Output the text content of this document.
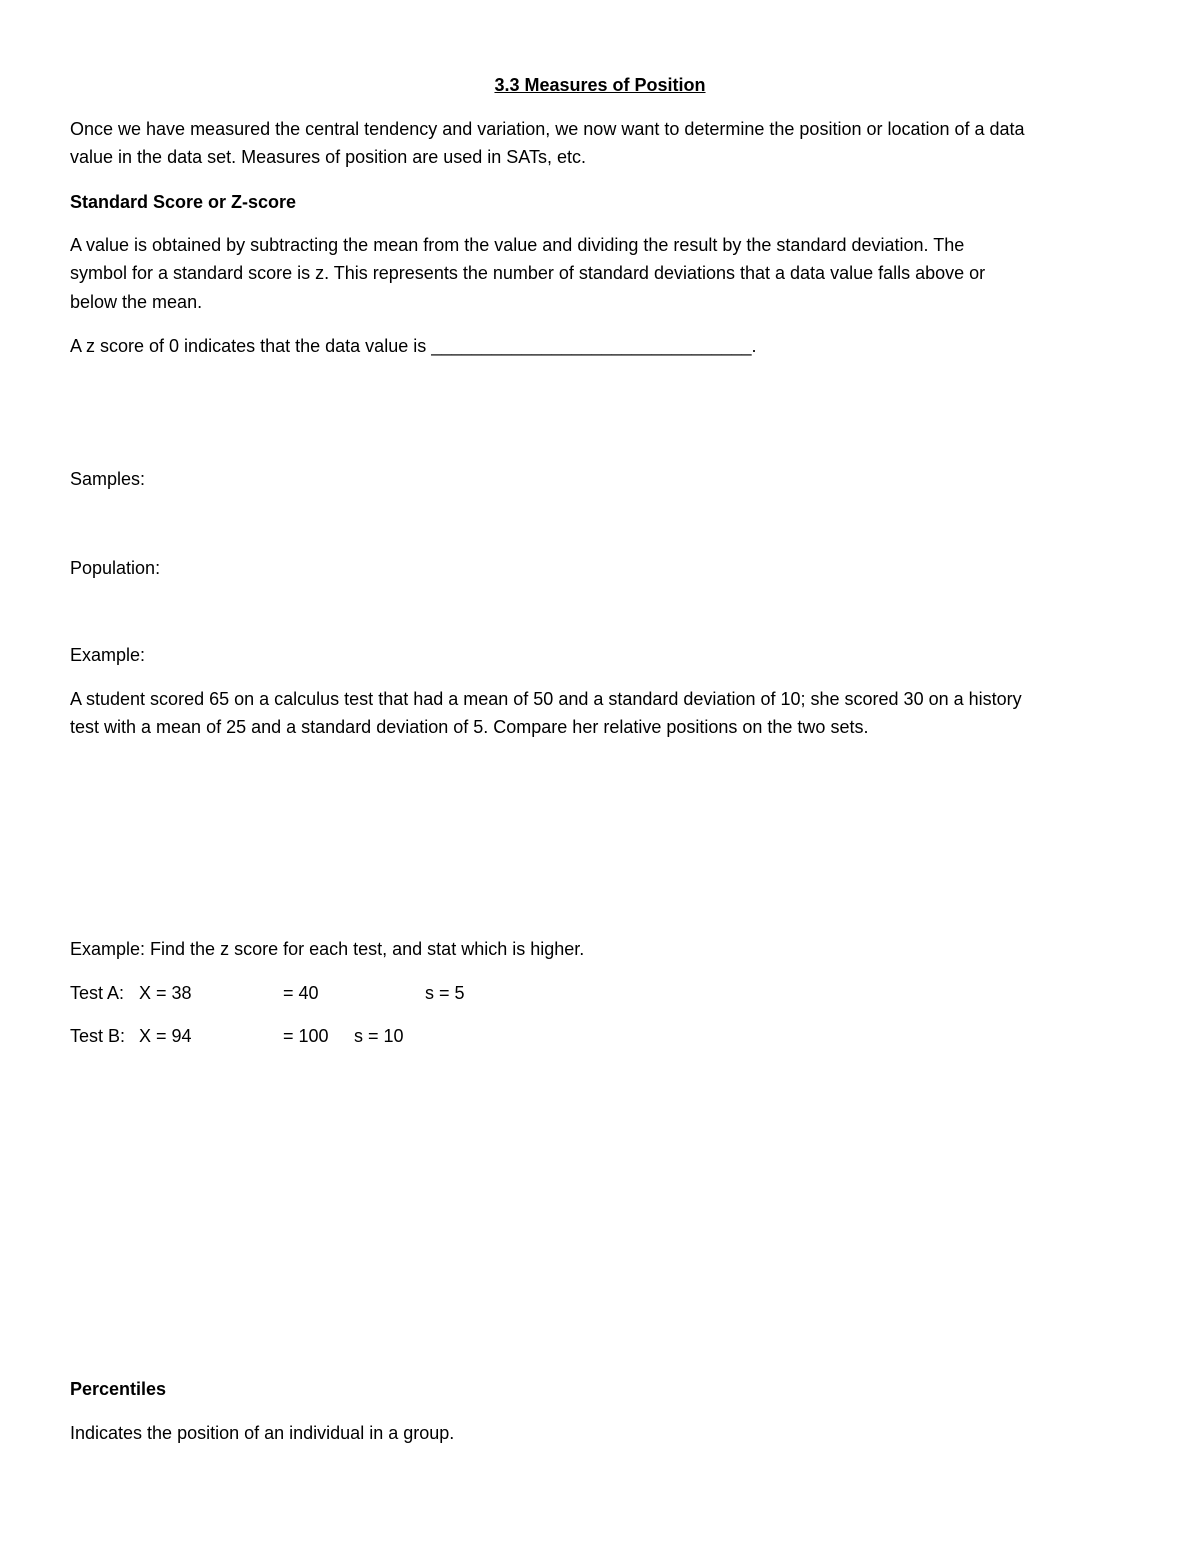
3.3 Measures of Position
Once we have measured the central tendency and variation, we now want to determine the position or location of a data
value in the data set. Measures of position are used in SATs, etc.
Standard Score or Z-score
A value is obtained by subtracting the mean from the value and dividing the result by the standard deviation. The
symbol for a standard score is z. This represents the number of standard deviations that a data value falls above or
below the mean.
A z score of 0 indicates that the data value is ________________________________.
Samples:
Population:
Example:
A student scored 65 on a calculus test that had a mean of 50 and a standard deviation of 10; she scored 30 on a history
test with a mean of 25 and a standard deviation of 5. Compare her relative positions on the two sets.
Example: Find the z score for each test, and stat which is higher.
Test A: X = 38	= 40	s = 5
Test B: X = 94	= 100 s = 10
Percentiles
Indicates the position of an individual in a group.
